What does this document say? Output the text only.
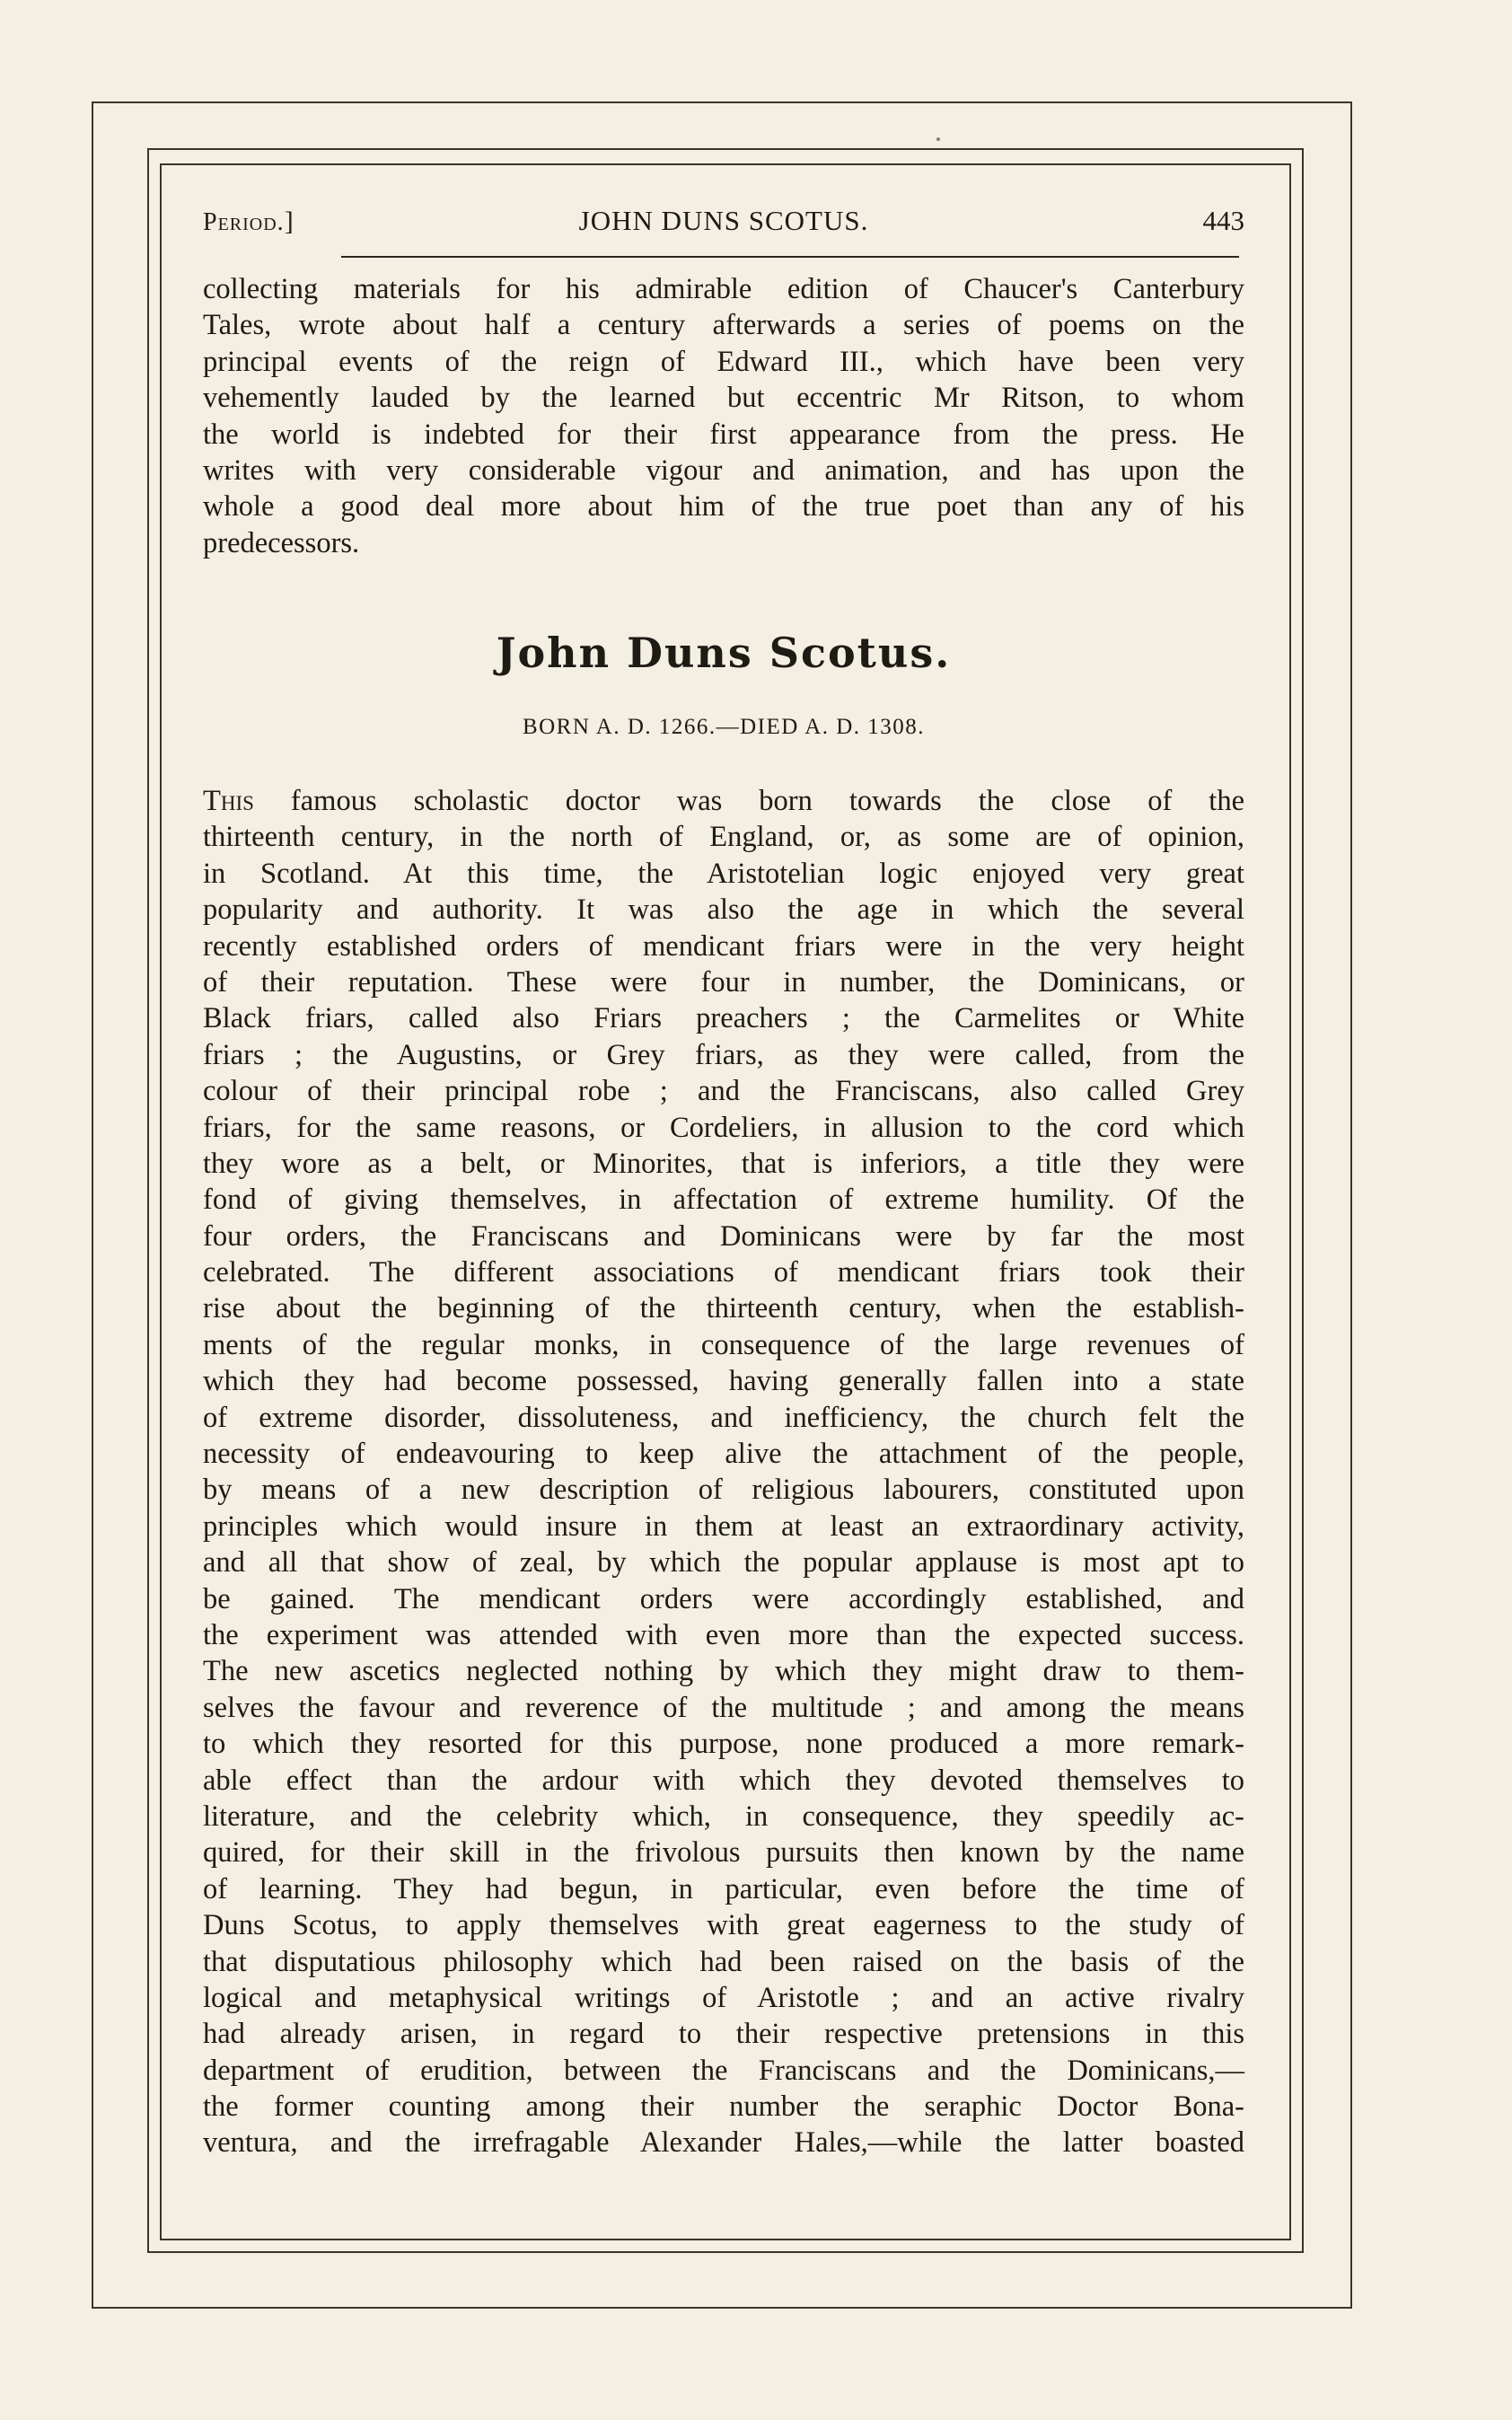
Period.]	JOHN DUNS SCOTUS.	443
collecting materials for his admirable edition of Chaucer's Canterbury
Tales, wrote about half a century afterwards a series of poems on the
principal events of the reign of Edward III., which have been very
vehemently lauded by the learned but eccentric Mr Ritson, to whom
the world is indebted for their first appearance from the press. He
writes with very considerable vigour and animation, and has upon the
whole a good deal more about him of the true poet than any of his
predecessors.
John Duns Scotus.
BORN A. D. 1266.—DIED A. D. 1308.
This famous scholastic doctor was born towards the close of the
thirteenth century, in the north of England, or, as some are of opinion,
in Scotland. At this time, the Aristotelian logic enjoyed very great
popularity and authority. It was also the age in which the several
recently established orders of mendicant friars were in the very height
of their reputation. These were four in number, the Dominicans, or
Black friars, called also Friars preachers ; the Carmelites or White
friars ; the Augustins, or Grey friars, as they were called, from the
colour of their principal robe ; and the Franciscans, also called Grey
friars, for the same reasons, or Cordeliers, in allusion to the cord which
they wore as a belt, or Minorites, that is inferiors, a title they were
fond of giving themselves, in affectation of extreme humility. Of the
four orders, the Franciscans and Dominicans were by far the most
celebrated. The different associations of mendicant friars took their
rise about the beginning of the thirteenth century, when the establish-
ments of the regular monks, in consequence of the large revenues of
which they had become possessed, having generally fallen into a state
of extreme disorder, dissoluteness, and inefficiency, the church felt the
necessity of endeavouring to keep alive the attachment of the people,
by means of a new description of religious labourers, constituted upon
principles which would insure in them at least an extraordinary activity,
and all that show of zeal, by which the popular applause is most apt to
be gained. The mendicant orders were accordingly established, and
the experiment was attended with even more than the expected success.
The new ascetics neglected nothing by which they might draw to them-
selves the favour and reverence of the multitude ; and among the means
to which they resorted for this purpose, none produced a more remark-
able effect than the ardour with which they devoted themselves to
literature, and the celebrity which, in consequence, they speedily ac-
quired, for their skill in the frivolous pursuits then known by the name
of learning. They had begun, in particular, even before the time of
Duns Scotus, to apply themselves with great eagerness to the study of
that disputatious philosophy which had been raised on the basis of the
logical and metaphysical writings of Aristotle ; and an active rivalry
had already arisen, in regard to their respective pretensions in this
department of erudition, between the Franciscans and the Dominicans,—
the former counting among their number the seraphic Doctor Bona-
ventura, and the irrefragable Alexander Hales,—while the latter boasted
